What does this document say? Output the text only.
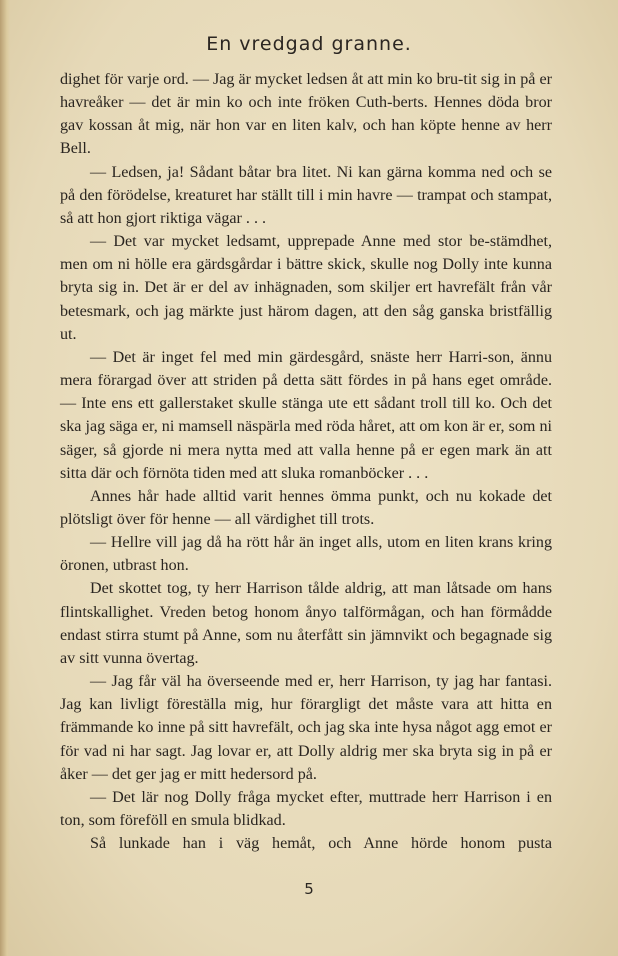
En vredgad granne.

dighet för varje ord. — Jag är mycket ledsen åt att min ko bru-tit sig in på er havreåker — det är min ko och inte fröken Cuth-berts. Hennes döda bror gav kossan åt mig, när hon var en liten kalv, och han köpte henne av herr Bell.

— Ledsen, ja! Sådant båtar bra litet. Ni kan gärna komma ned och se på den förödelse, kreaturet har ställt till i min havre — trampat och stampat, så att hon gjort riktiga vägar . . .

— Det var mycket ledsamt, upprepade Anne med stor be-stämdhet, men om ni hölle era gärdsgårdar i bättre skick, skulle nog Dolly inte kunna bryta sig in. Det är er del av inhägnaden, som skiljer ert havrefält från vår betesmark, och jag märkte just härom dagen, att den såg ganska bristfällig ut.

— Det är inget fel med min gärdesgård, snäste herr Harri-son, ännu mera förargad över att striden på detta sätt fördes in på hans eget område. — Inte ens ett gallerstaket skulle stänga ute ett sådant troll till ko. Och det ska jag säga er, ni mamsell näspärla med röda håret, att om kon är er, som ni säger, så gjorde ni mera nytta med att valla henne på er egen mark än att sitta där och förnöta tiden med att sluka romanböcker . . .

Annes hår hade alltid varit hennes ömma punkt, och nu kokade det plötsligt över för henne — all värdighet till trots.

— Hellre vill jag då ha rött hår än inget alls, utom en liten krans kring öronen, utbrast hon.

Det skottet tog, ty herr Harrison tålde aldrig, att man låtsade om hans flintskallighet. Vreden betog honom ånyo talförmågan, och han förmådde endast stirra stumt på Anne, som nu återfått sin jämnvikt och begagnade sig av sitt vunna övertag.

— Jag får väl ha överseende med er, herr Harrison, ty jag har fantasi. Jag kan livligt föreställa mig, hur förargligt det måste vara att hitta en främmande ko inne på sitt havrefält, och jag ska inte hysa något agg emot er för vad ni har sagt. Jag lovar er, att Dolly aldrig mer ska bryta sig in på er åker — det ger jag er mitt hedersord på.

— Det lär nog Dolly fråga mycket efter, muttrade herr Harrison i en ton, som föreföll en smula blidkad.

Så lunkade han i väg hemåt, och Anne hörde honom pusta

5
